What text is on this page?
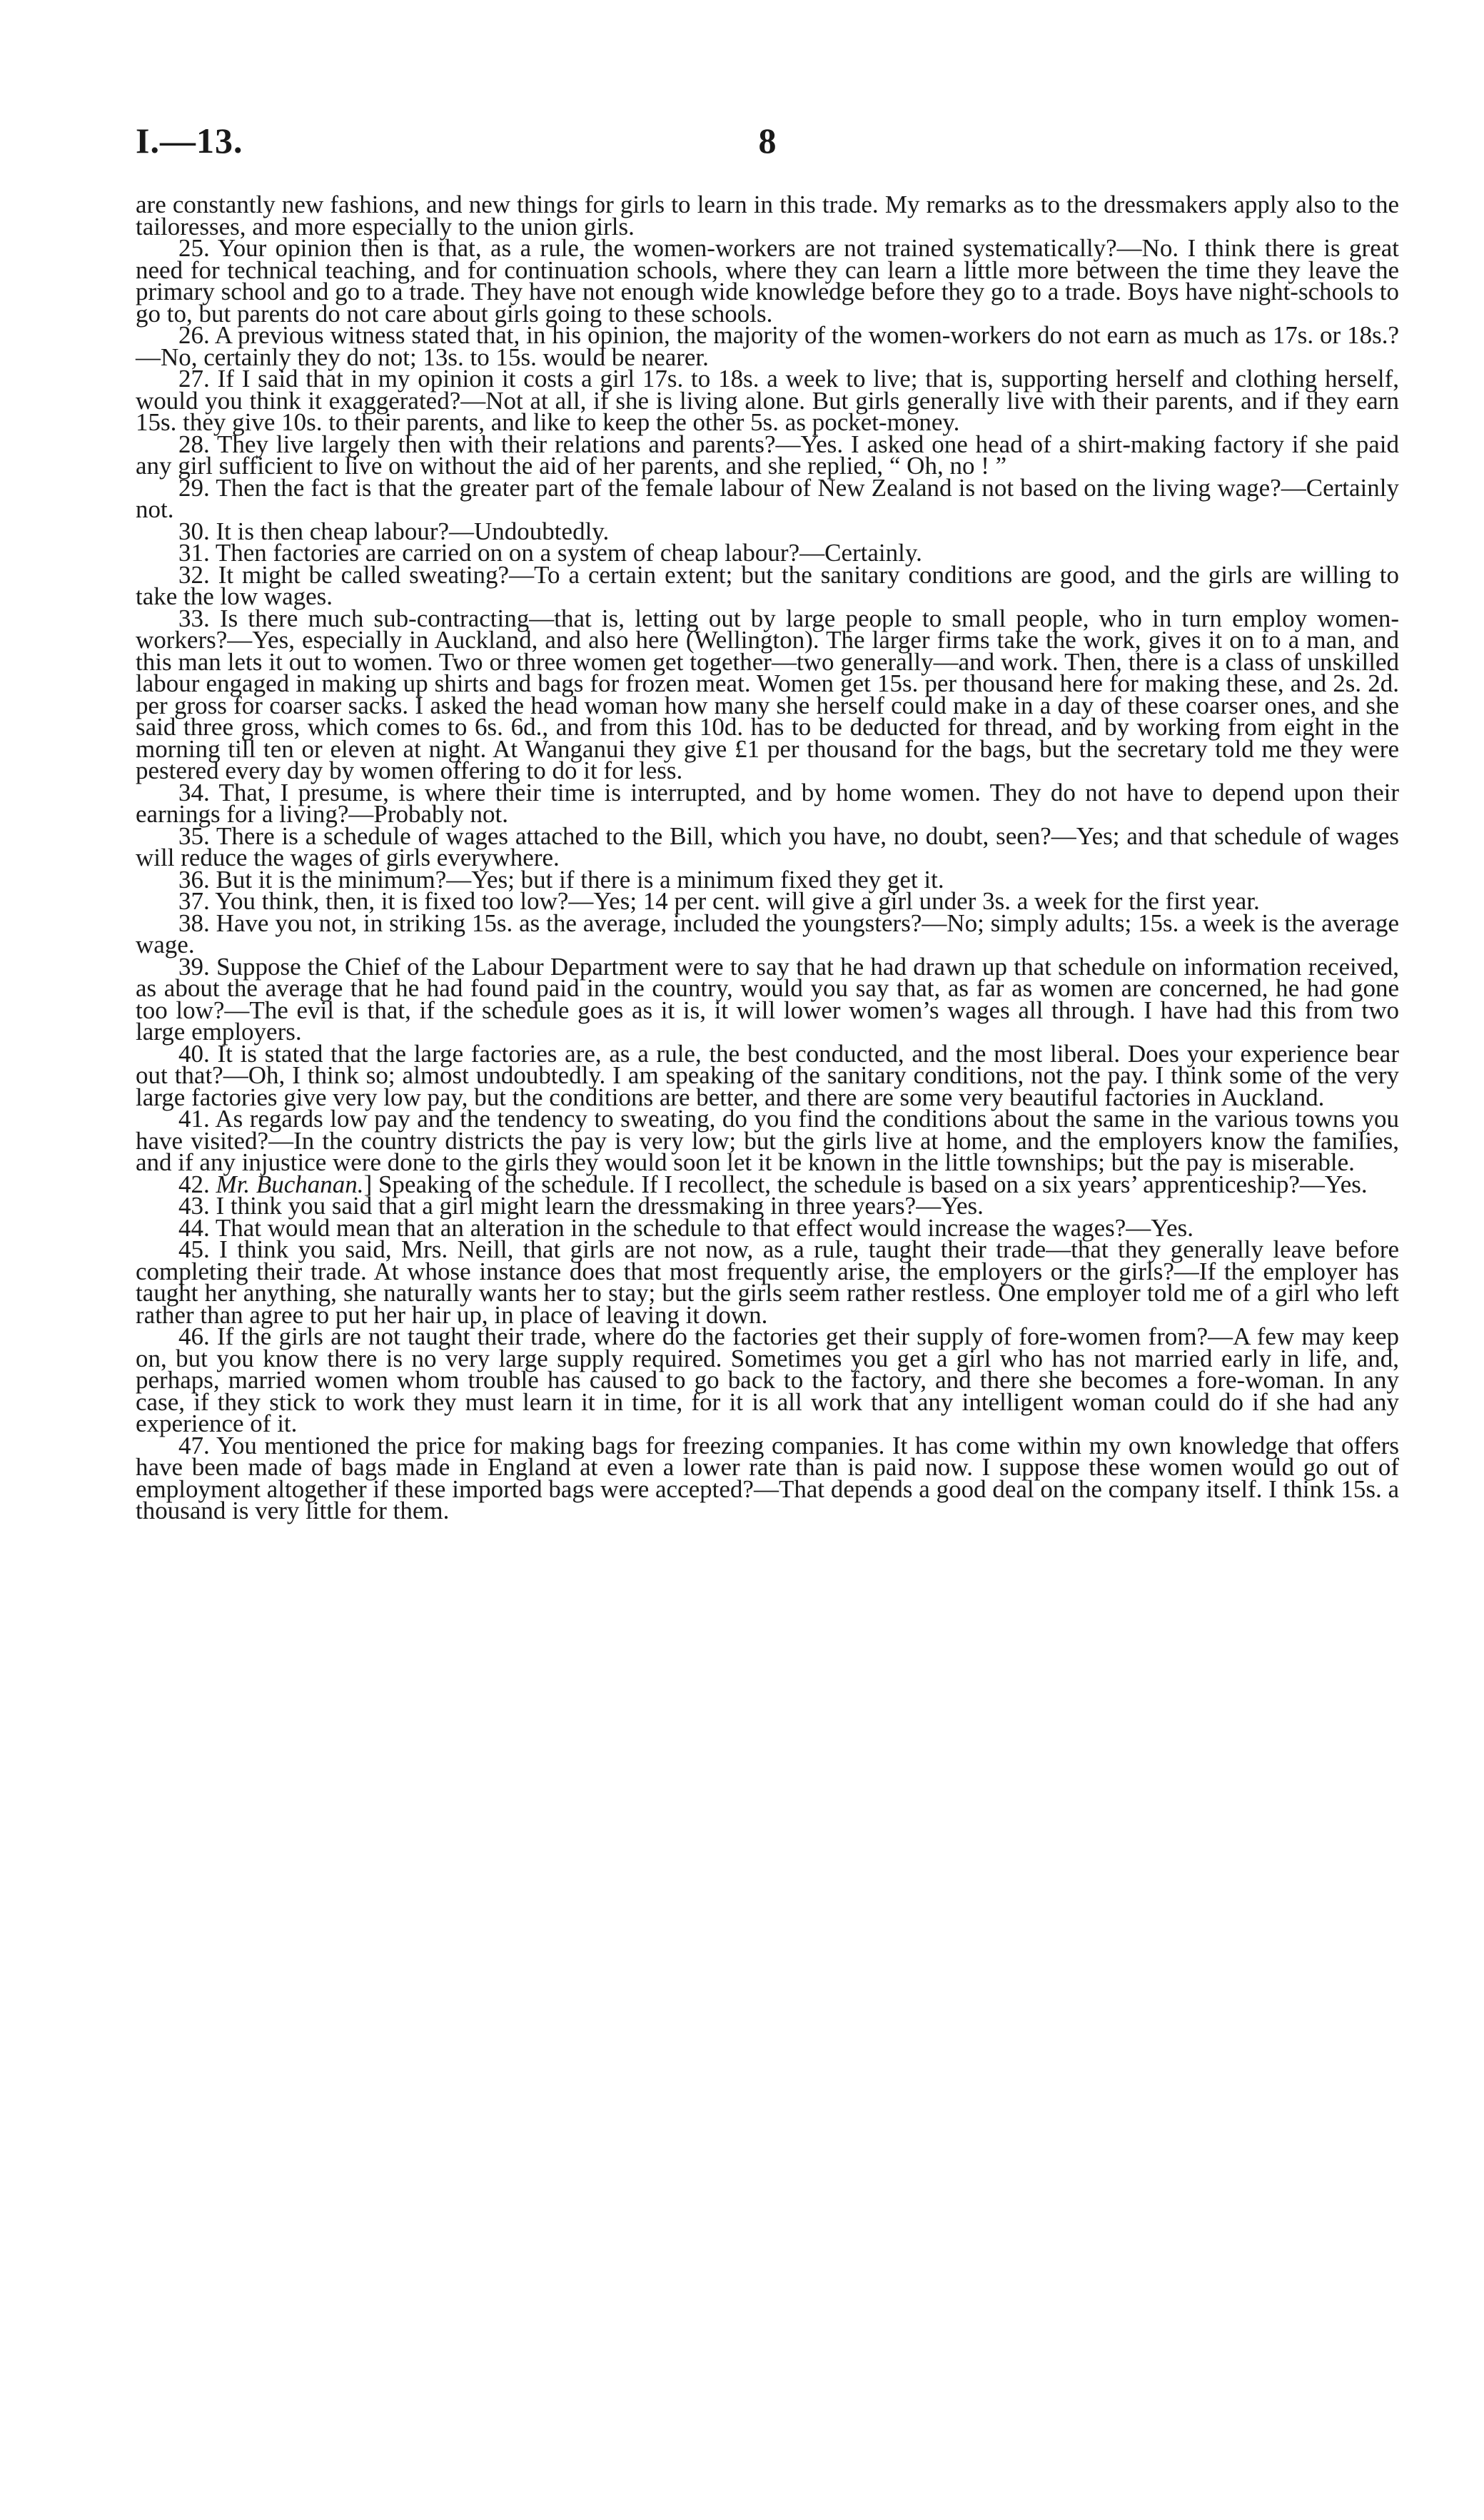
I.—13.	8

are constantly new fashions, and new things for girls to learn in this trade. My remarks as to the dressmakers apply also to the tailoresses, and more especially to the union girls.

25. Your opinion then is that, as a rule, the women-workers are not trained systematically?—No. I think there is great need for technical teaching, and for continuation schools, where they can learn a little more between the time they leave the primary school and go to a trade. They have not enough wide knowledge before they go to a trade. Boys have night-schools to go to, but parents do not care about girls going to these schools.

26. A previous witness stated that, in his opinion, the majority of the women-workers do not earn as much as 17s. or 18s.?—No, certainly they do not; 13s. to 15s. would be nearer.

27. If I said that in my opinion it costs a girl 17s. to 18s. a week to live; that is, supporting herself and clothing herself, would you think it exaggerated?—Not at all, if she is living alone. But girls generally live with their parents, and if they earn 15s. they give 10s. to their parents, and like to keep the other 5s. as pocket-money.

28. They live largely then with their relations and parents?—Yes. I asked one head of a shirt-making factory if she paid any girl sufficient to live on without the aid of her parents, and she replied, “ Oh, no ! ”

29. Then the fact is that the greater part of the female labour of New Zealand is not based on the living wage?—Certainly not.

30. It is then cheap labour?—Undoubtedly.

31. Then factories are carried on on a system of cheap labour?—Certainly.

32. It might be called sweating?—To a certain extent; but the sanitary conditions are good, and the girls are willing to take the low wages.

33. Is there much sub-contracting—that is, letting out by large people to small people, who in turn employ women-workers?—Yes, especially in Auckland, and also here (Wellington). The larger firms take the work, gives it on to a man, and this man lets it out to women. Two or three women get together—two generally—and work. Then, there is a class of unskilled labour engaged in making up shirts and bags for frozen meat. Women get 15s. per thousand here for making these, and 2s. 2d. per gross for coarser sacks. I asked the head woman how many she herself could make in a day of these coarser ones, and she said three gross, which comes to 6s. 6d., and from this 10d. has to be deducted for thread, and by working from eight in the morning till ten or eleven at night. At Wanganui they give £1 per thousand for the bags, but the secretary told me they were pestered every day by women offering to do it for less.

34. That, I presume, is where their time is interrupted, and by home women. They do not have to depend upon their earnings for a living?—Probably not.

35. There is a schedule of wages attached to the Bill, which you have, no doubt, seen?—Yes; and that schedule of wages will reduce the wages of girls everywhere.

36. But it is the minimum?—Yes; but if there is a minimum fixed they get it.

37. You think, then, it is fixed too low?—Yes; 14 per cent. will give a girl under 3s. a week for the first year.

38. Have you not, in striking 15s. as the average, included the youngsters?—No; simply adults; 15s. a week is the average wage.

39. Suppose the Chief of the Labour Department were to say that he had drawn up that schedule on information received, as about the average that he had found paid in the country, would you say that, as far as women are concerned, he had gone too low?—The evil is that, if the schedule goes as it is, it will lower women’s wages all through. I have had this from two large employers.

40. It is stated that the large factories are, as a rule, the best conducted, and the most liberal. Does your experience bear out that?—Oh, I think so; almost undoubtedly. I am speaking of the sanitary conditions, not the pay. I think some of the very large factories give very low pay, but the conditions are better, and there are some very beautiful factories in Auckland.

41. As regards low pay and the tendency to sweating, do you find the conditions about the same in the various towns you have visited?—In the country districts the pay is very low; but the girls live at home, and the employers know the families, and if any injustice were done to the girls they would soon let it be known in the little townships; but the pay is miserable.

42. Mr. Buchanan.] Speaking of the schedule. If I recollect, the schedule is based on a six years’ apprenticeship?—Yes.

43. I think you said that a girl might learn the dressmaking in three years?—Yes.

44. That would mean that an alteration in the schedule to that effect would increase the wages?—Yes.

45. I think you said, Mrs. Neill, that girls are not now, as a rule, taught their trade—that they generally leave before completing their trade. At whose instance does that most frequently arise, the employers or the girls?—If the employer has taught her anything, she naturally wants her to stay; but the girls seem rather restless. One employer told me of a girl who left rather than agree to put her hair up, in place of leaving it down.

46. If the girls are not taught their trade, where do the factories get their supply of fore-women from?—A few may keep on, but you know there is no very large supply required. Sometimes you get a girl who has not married early in life, and, perhaps, married women whom trouble has caused to go back to the factory, and there she becomes a fore-woman. In any case, if they stick to work they must learn it in time, for it is all work that any intelligent woman could do if she had any experience of it.

47. You mentioned the price for making bags for freezing companies. It has come within my own knowledge that offers have been made of bags made in England at even a lower rate than is paid now. I suppose these women would go out of employment altogether if these imported bags were accepted?—That depends a good deal on the company itself. I think 15s. a thousand is very little for them.
